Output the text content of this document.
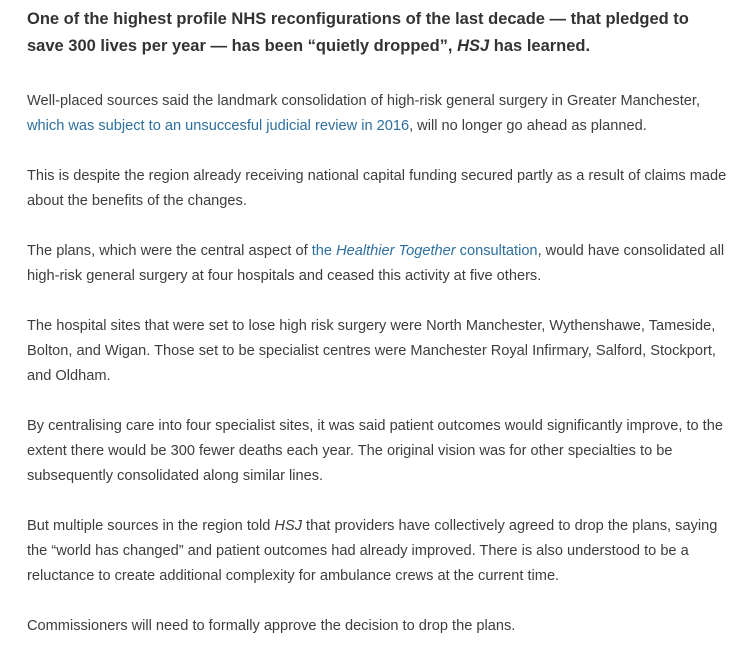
One of the highest profile NHS reconfigurations of the last decade — that pledged to save 300 lives per year — has been “quietly dropped”, HSJ has learned.

Well-placed sources said the landmark consolidation of high-risk general surgery in Greater Manchester, which was subject to an unsuccesful judicial review in 2016, will no longer go ahead as planned.

This is despite the region already receiving national capital funding secured partly as a result of claims made about the benefits of the changes.

The plans, which were the central aspect of the Healthier Together consultation, would have consolidated all high-risk general surgery at four hospitals and ceased this activity at five others.

The hospital sites that were set to lose high risk surgery were North Manchester, Wythenshawe, Tameside, Bolton, and Wigan. Those set to be specialist centres were Manchester Royal Infirmary, Salford, Stockport, and Oldham.

By centralising care into four specialist sites, it was said patient outcomes would significantly improve, to the extent there would be 300 fewer deaths each year. The original vision was for other specialties to be subsequently consolidated along similar lines.

But multiple sources in the region told HSJ that providers have collectively agreed to drop the plans, saying the “world has changed” and patient outcomes had already improved. There is also understood to be a reluctance to create additional complexity for ambulance crews at the current time.

Commissioners will need to formally approve the decision to drop the plans.
